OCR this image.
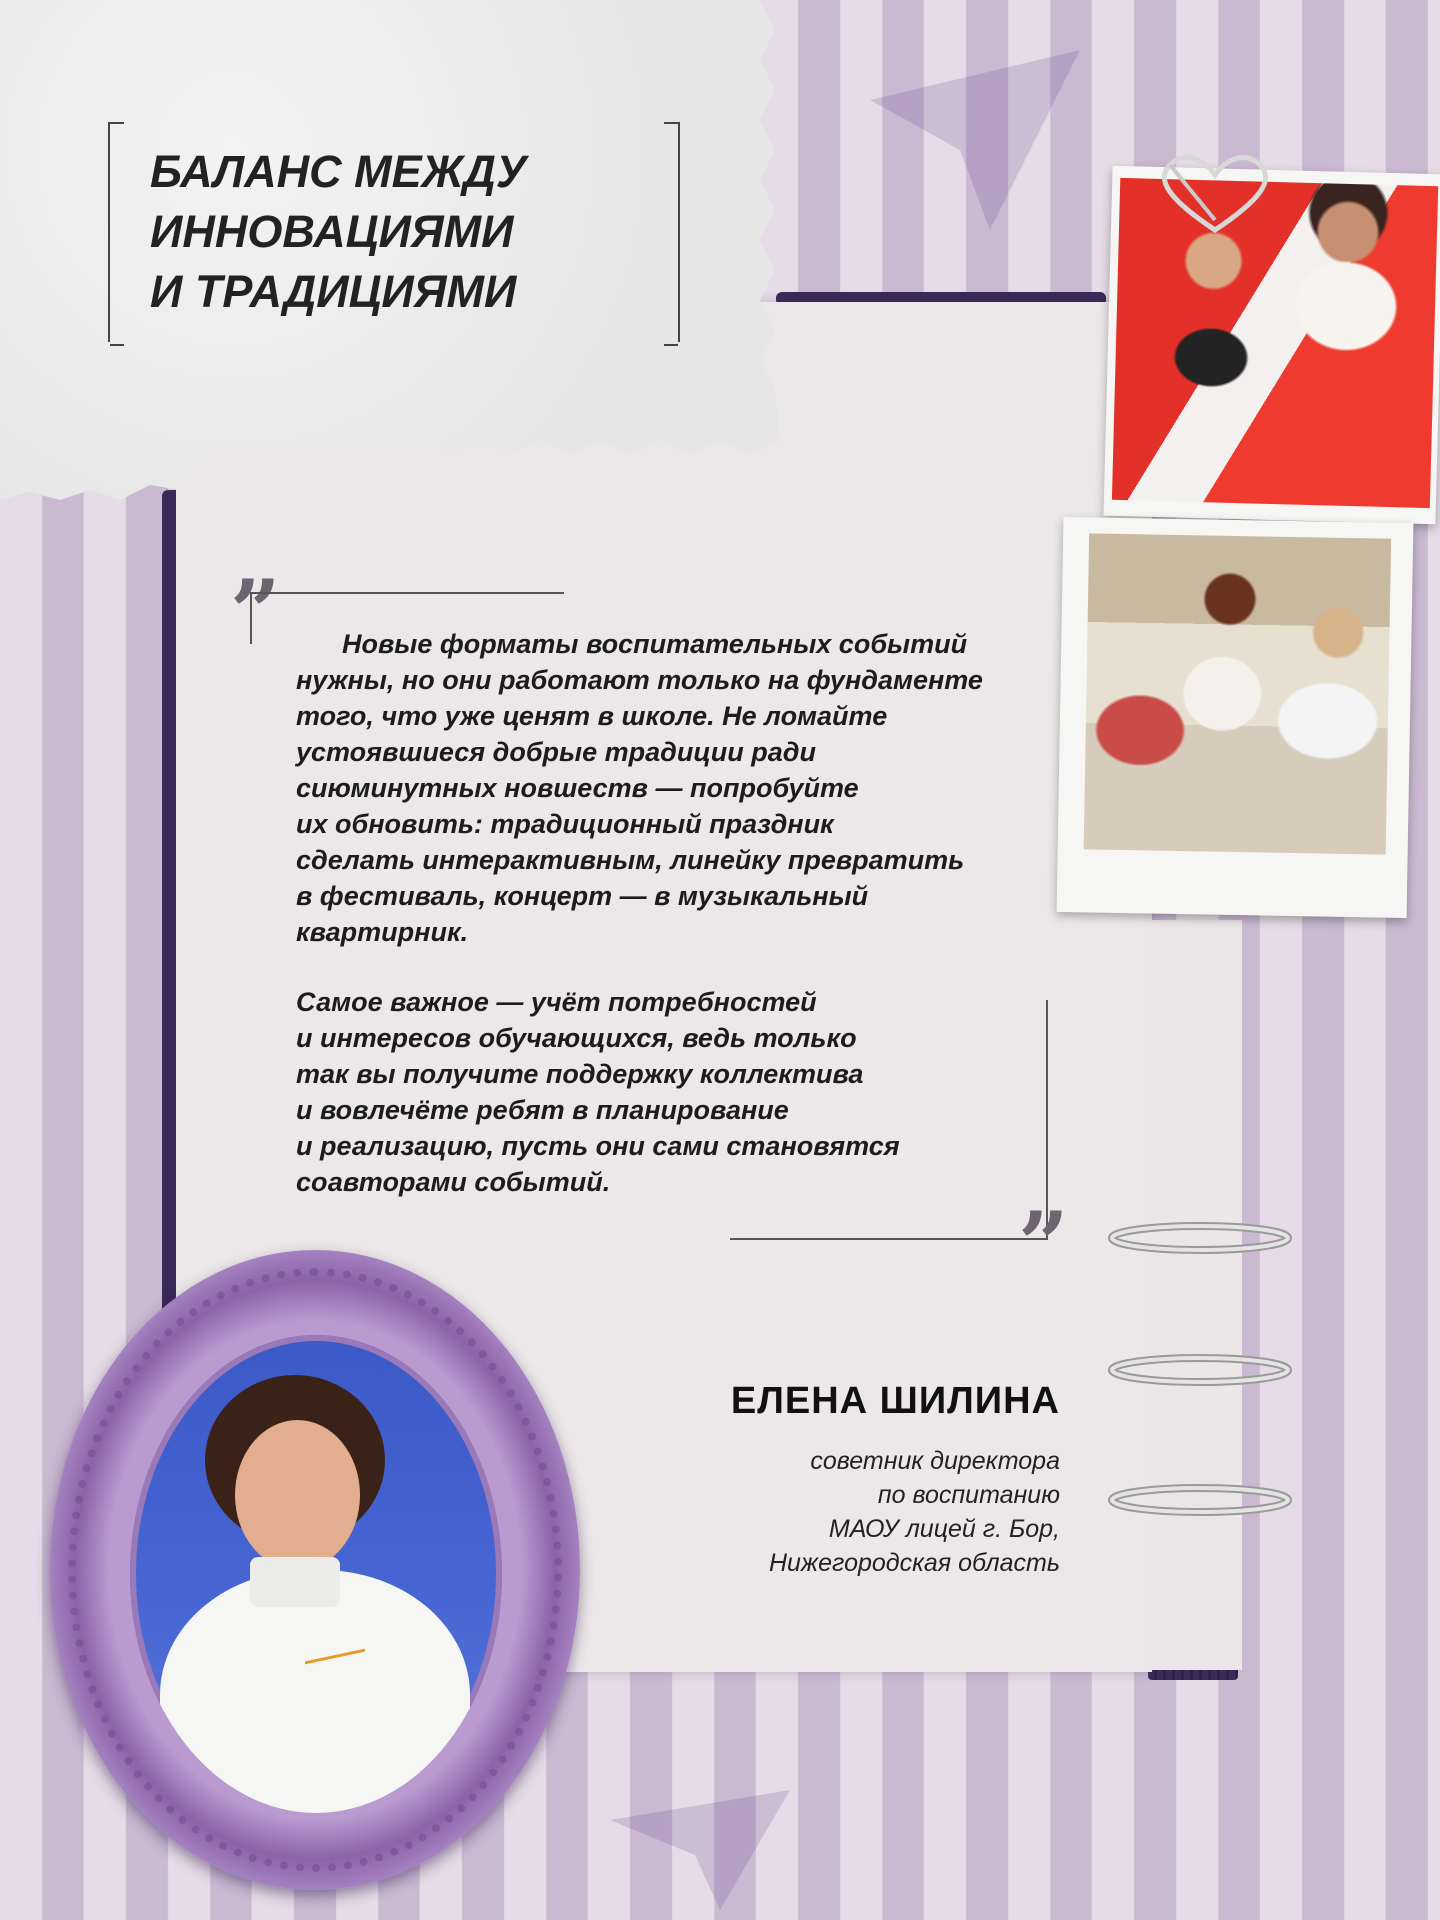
БАЛАНС МЕЖДУ
ИННОВАЦИЯМИ
И ТРАДИЦИЯМИ
”	Новые форматы воспитательных событий
нужны, но они работают только на фундаменте
того, что уже ценят в школе. Не ломайте
устоявшиеся добрые традиции ради
сиюминутных новшеств — попробуйте
их обновить: традиционный праздник
сделать интерактивным, линейку превратить
в фестиваль, концерт — в музыкальный
квартирник.

Самое важное — учёт потребностей
и интересов обучающихся, ведь только
так вы получите поддержку коллектива
и вовлечёте ребят в планирование
и реализацию, пусть они сами становятся
соавторами событий.

”
ЕЛЕНА ШИЛИНА

советник директора
по воспитанию
МАОУ лицей г. Бор,
Нижегородская область
